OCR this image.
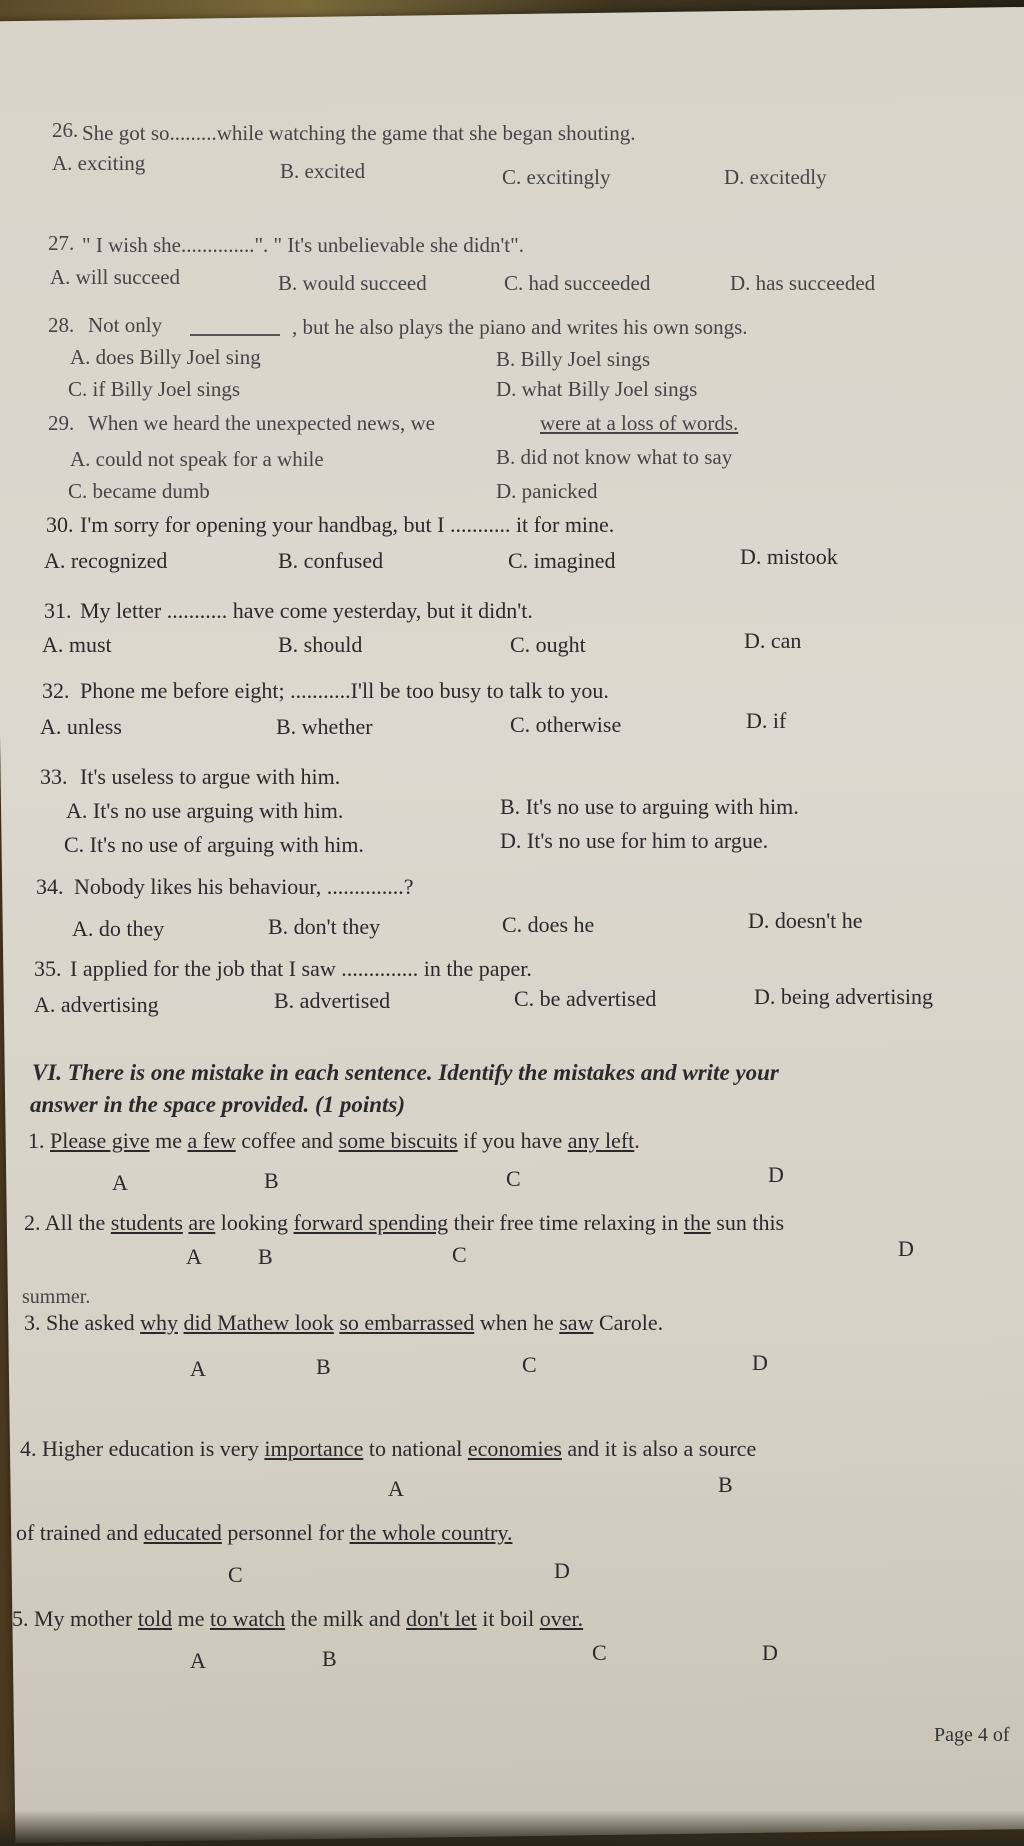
26. She got so.........while watching the game that she began shouting.
A. exciting	B. excited	C. excitingly	D. excitedly
27. " I wish she..............". " It's unbelievable she didn't".
A. will succeed	B. would succeed	C. had succeeded	D. has succeeded
28. Not only	, but he also plays the piano and writes his own songs.
A. does Billy Joel sing	B. Billy Joel sings
C. if Billy Joel sings	D. what Billy Joel sings
29. When we heard the unexpected news, we	were at a loss of words.
A. could not speak for a while	B. did not know what to say
C. became dumb	D. panicked
30. I'm sorry for opening your handbag, but I ........... it for mine.
A. recognized	B. confused	C. imagined	D. mistook
31. My letter ........... have come yesterday, but it didn't.
A. must	B. should	C. ought	D. can
32. Phone me before eight; ...........I'll be too busy to talk to you.
A. unless	B. whether	C. otherwise	D. if
33. It's useless to argue with him.
A. It's no use arguing with him.	B. It's no use to arguing with him.
C. It's no use of arguing with him.	D. It's no use for him to argue.
34. Nobody likes his behaviour, ..............?
A. do they	B. don't they	C. does he	D. doesn't he
35. I applied for the job that I saw .............. in the paper.
A. advertising	B. advertised	C. be advertised	D. being advertising
VI. There is one mistake in each sentence. Identify the mistakes and write your
answer in the space provided. (1 points)
1. Please give me a few coffee and some biscuits if you have any left.
A	B	C	D
2. All the students are looking forward spending their free time relaxing in the sun this
A	B	C	D
summer.
3. She asked why did Mathew look so embarrassed when he saw Carole.
A	B	C	D
4. Higher education is very importance to national economies and it is also a source
A	B
of trained and educated personnel for the whole country.
C	D
5. My mother told me to watch the milk and don't let it boil over.
A	B	C	D
Page 4 of
